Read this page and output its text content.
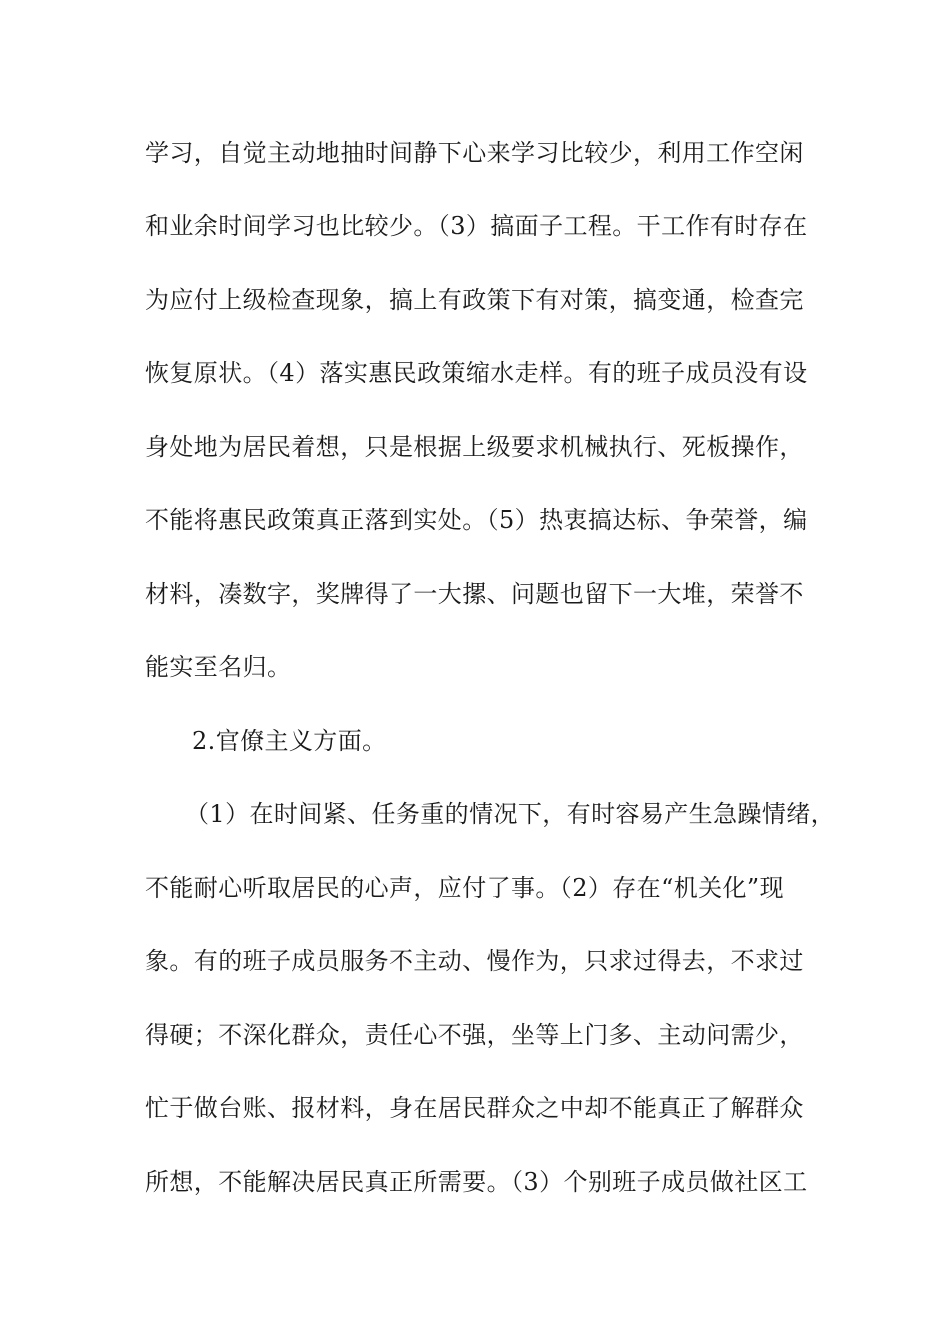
学习，自觉主动地抽时间静下心来学习比较少，利用工作空闲
和业余时间学习也比较少。（3）搞面子工程。干工作有时存在
为应付上级检查现象，搞上有政策下有对策，搞变通，检查完
恢复原状。（4）落实惠民政策缩水走样。有的班子成员没有设
身处地为居民着想，只是根据上级要求机械执行、死板操作，
不能将惠民政策真正落到实处。（5）热衷搞达标、争荣誉，编
材料，凑数字，奖牌得了一大摞、问题也留下一大堆，荣誉不
能实至名归。
2.官僚主义方面。
（1）在时间紧、任务重的情况下，有时容易产生急躁情绪，
不能耐心听取居民的心声，应付了事。（2）存在“机关化”现
象。有的班子成员服务不主动、慢作为，只求过得去，不求过
得硬；不深化群众，责任心不强，坐等上门多、主动问需少，
忙于做台账、报材料，身在居民群众之中却不能真正了解群众
所想，不能解决居民真正所需要。（3）个别班子成员做社区工
